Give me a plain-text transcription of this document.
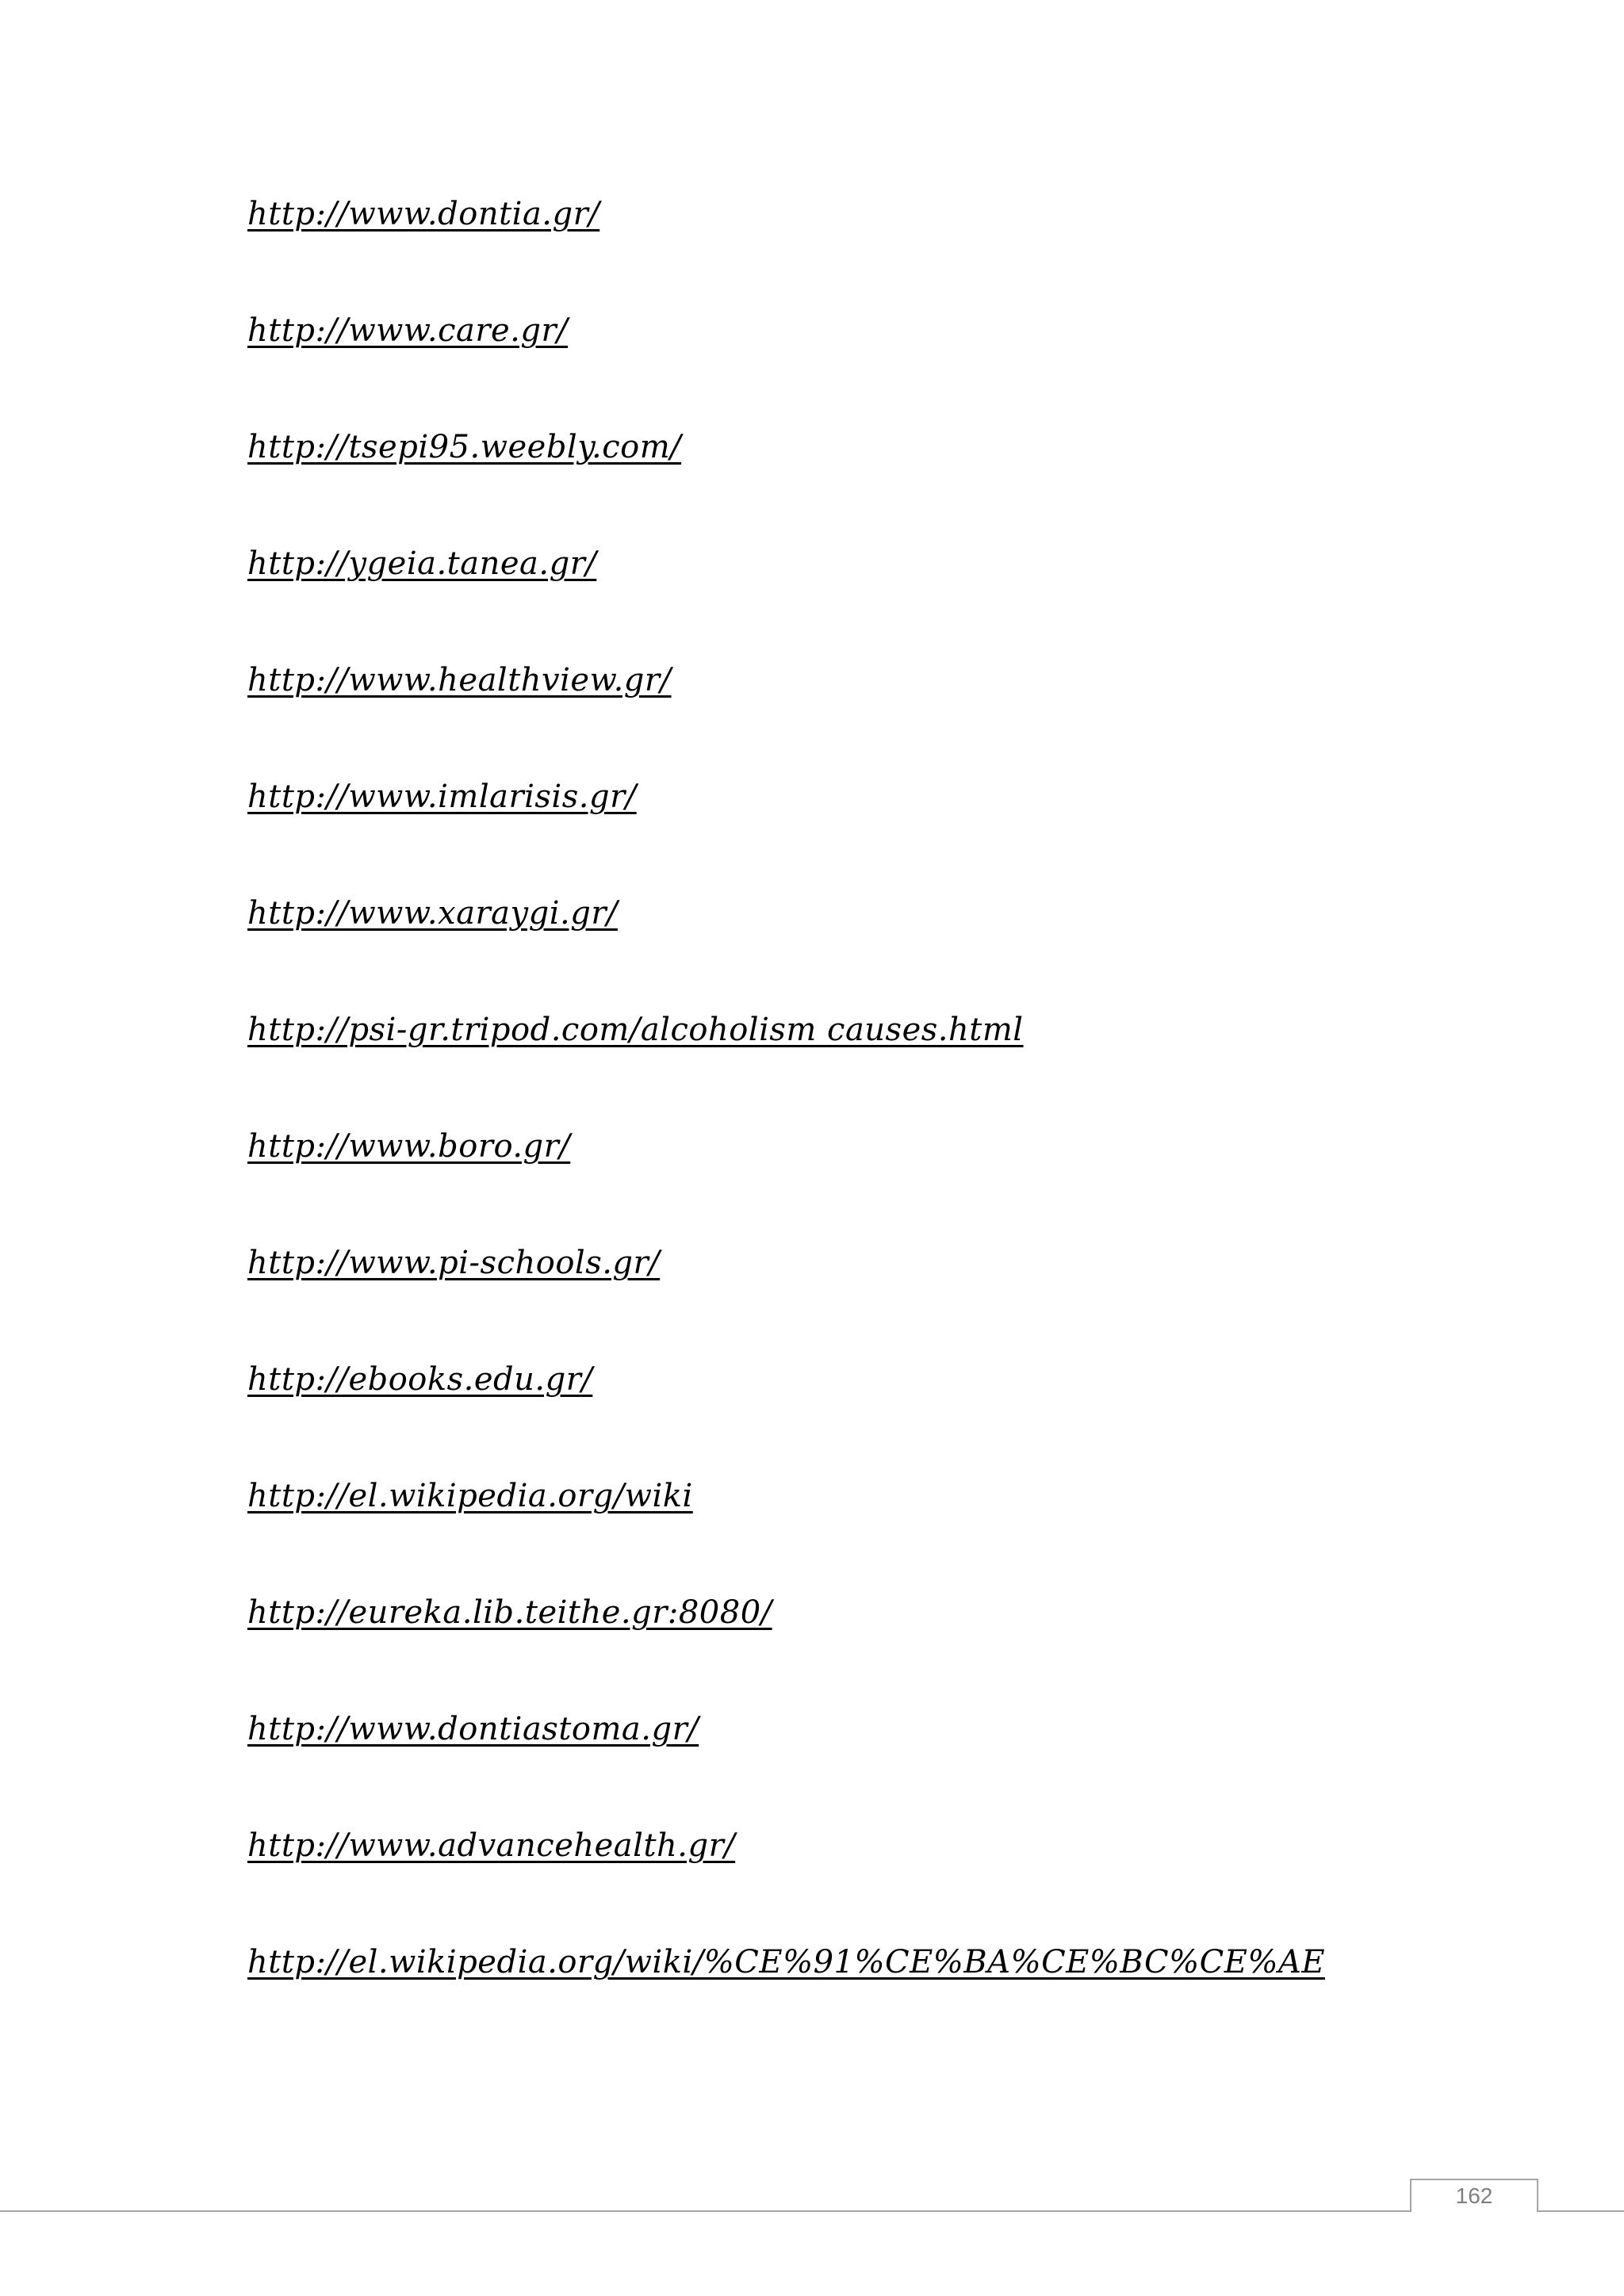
http://www.dontia.gr/
http://www.care.gr/
http://tsepi95.weebly.com/
http://ygeia.tanea.gr/
http://www.healthview.gr/
http://www.imlarisis.gr/
http://www.xaraygi.gr/
http://psi-gr.tripod.com/alcoholism causes.html
http://www.boro.gr/
http://www.pi-schools.gr/
http://ebooks.edu.gr/
http://el.wikipedia.org/wiki
http://eureka.lib.teithe.gr:8080/
http://www.dontiastoma.gr/
http://www.advancehealth.gr/
http://el.wikipedia.org/wiki/%CE%91%CE%BA%CE%BC%CE%AE
162
